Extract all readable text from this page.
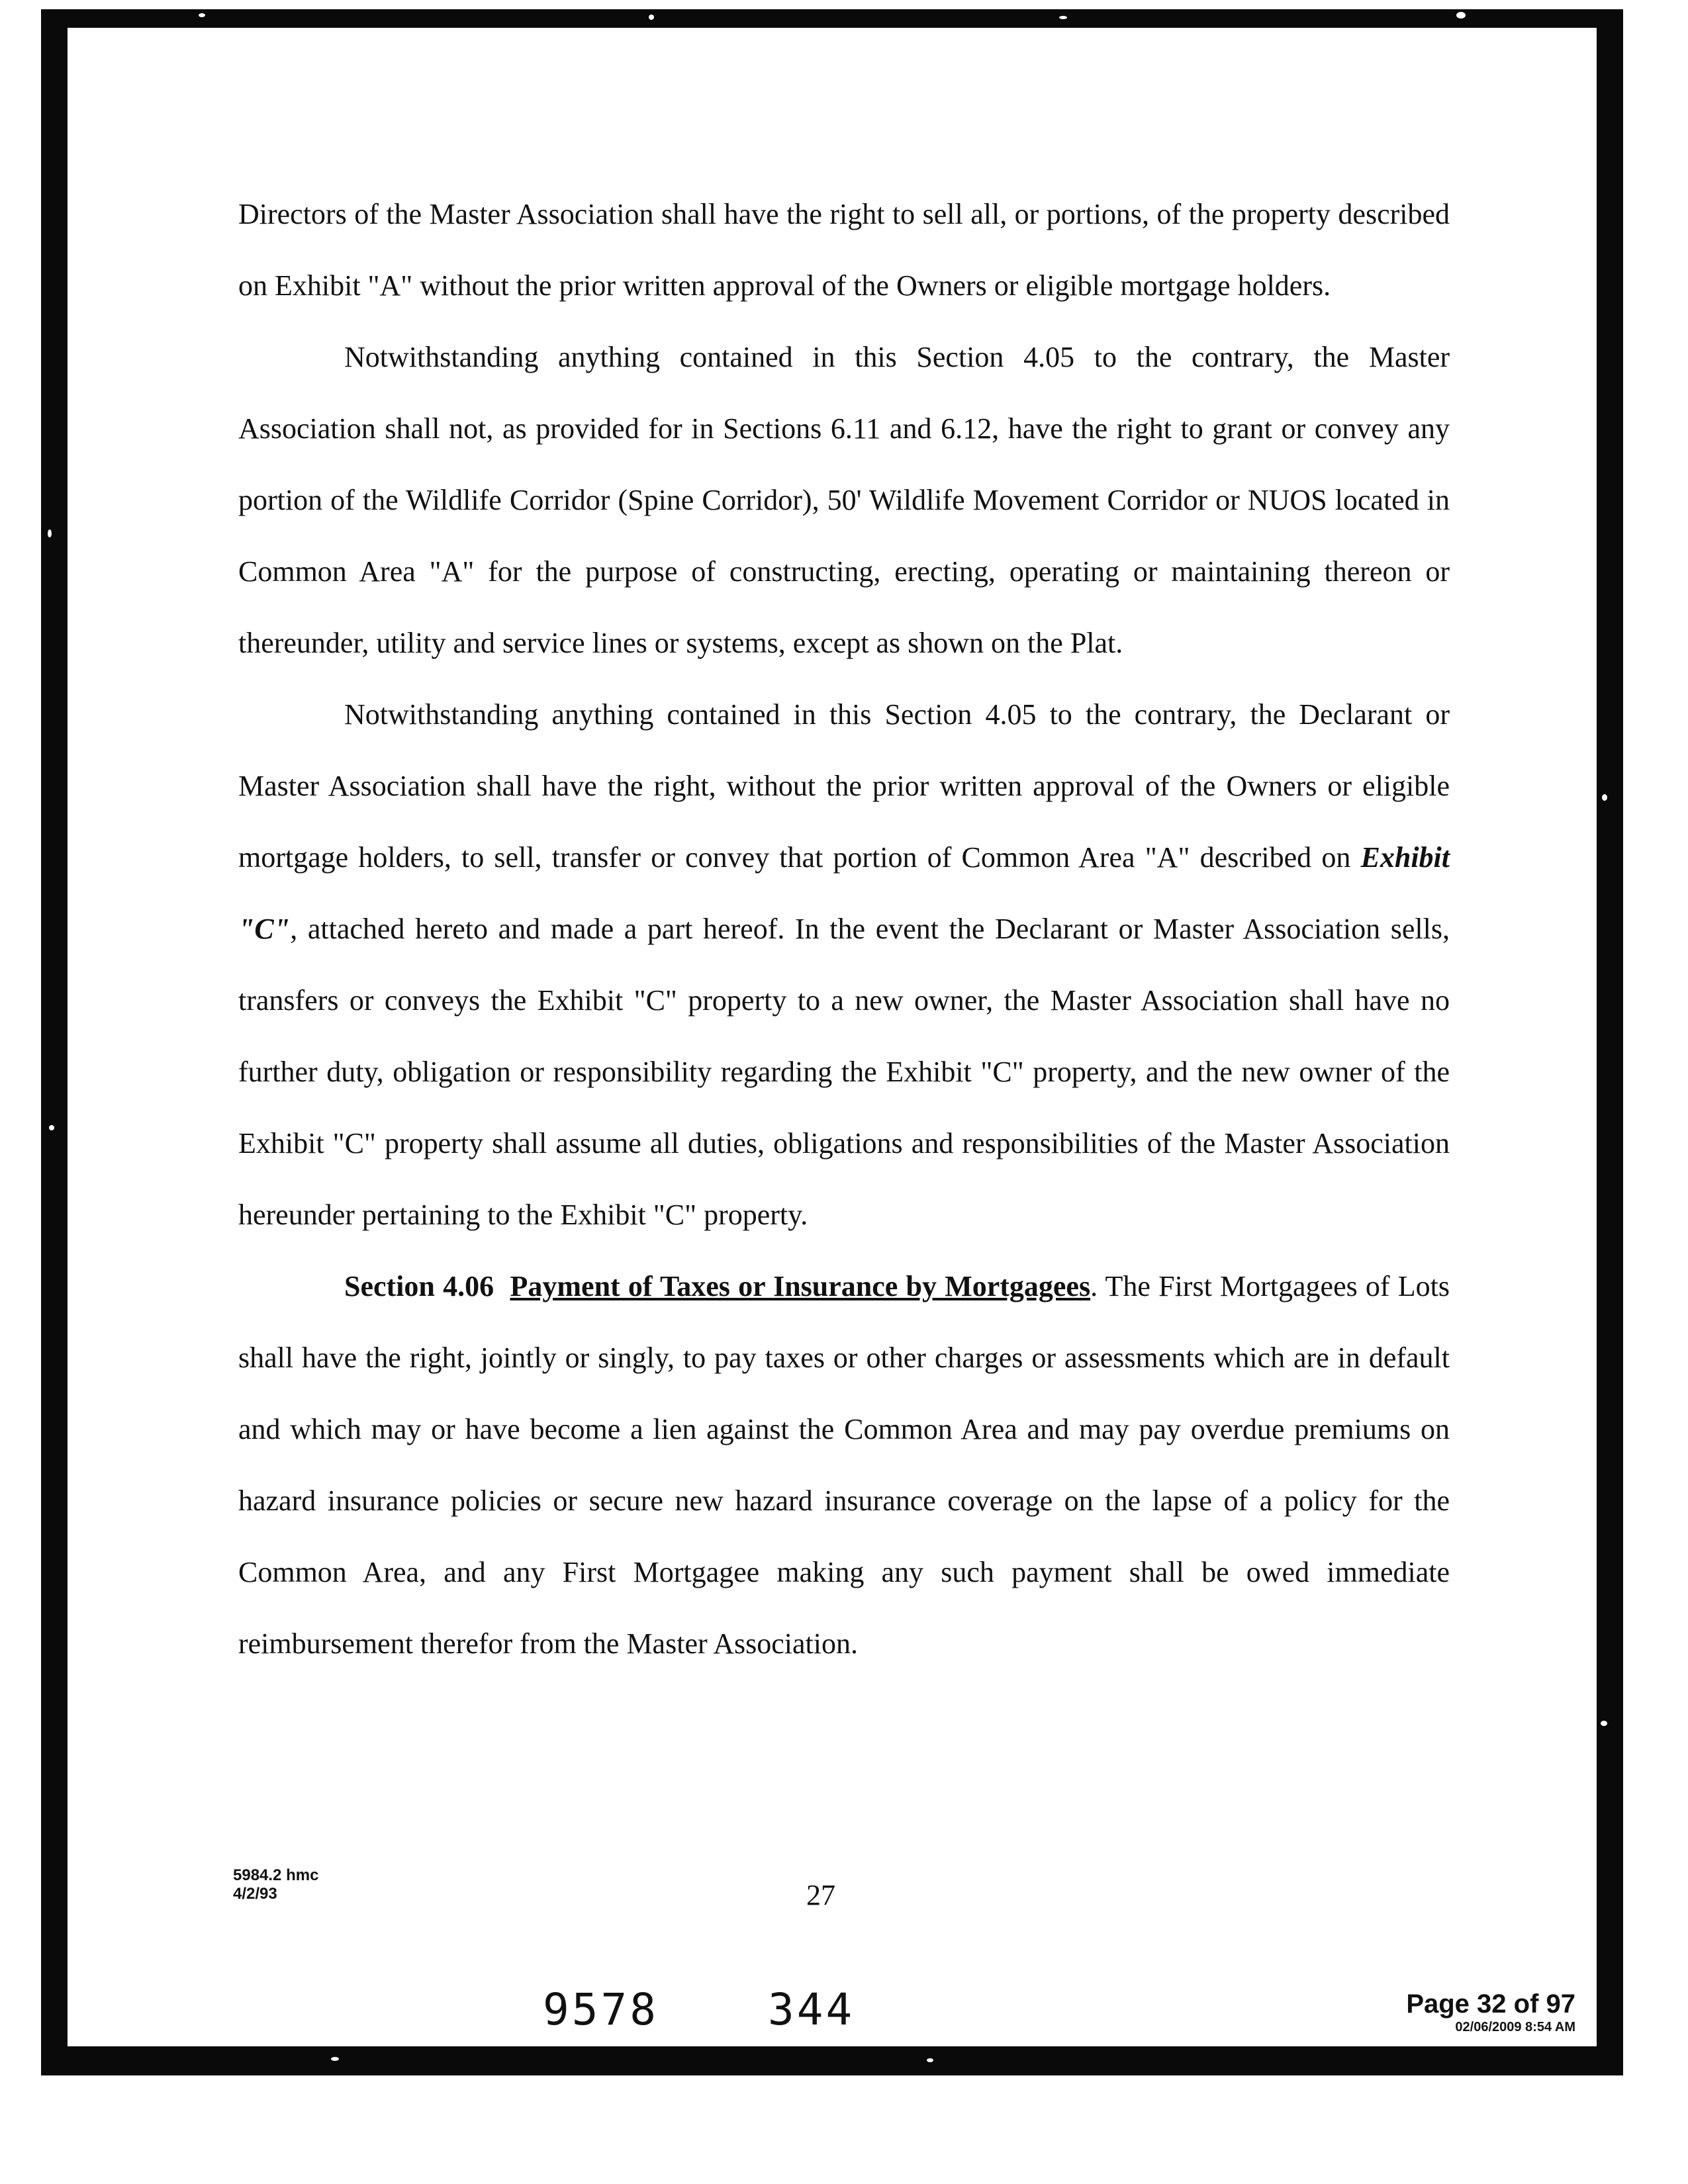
Directors of the Master Association shall have the right to sell all, or portions, of the property described on Exhibit "A" without the prior written approval of the Owners or eligible mortgage holders.

Notwithstanding anything contained in this Section 4.05 to the contrary, the Master Association shall not, as provided for in Sections 6.11 and 6.12, have the right to grant or convey any portion of the Wildlife Corridor (Spine Corridor), 50' Wildlife Movement Corridor or NUOS located in Common Area "A" for the purpose of constructing, erecting, operating or maintaining thereon or thereunder, utility and service lines or systems, except as shown on the Plat.

Notwithstanding anything contained in this Section 4.05 to the contrary, the Declarant or Master Association shall have the right, without the prior written approval of the Owners or eligible mortgage holders, to sell, transfer or convey that portion of Common Area "A" described on Exhibit "C", attached hereto and made a part hereof. In the event the Declarant or Master Association sells, transfers or conveys the Exhibit "C" property to a new owner, the Master Association shall have no further duty, obligation or responsibility regarding the Exhibit "C" property, and the new owner of the Exhibit "C" property shall assume all duties, obligations and responsibilities of the Master Association hereunder pertaining to the Exhibit "C" property.

Section 4.06 Payment of Taxes or Insurance by Mortgagees. The First Mortgagees of Lots shall have the right, jointly or singly, to pay taxes or other charges or assessments which are in default and which may or have become a lien against the Common Area and may pay overdue premiums on hazard insurance policies or secure new hazard insurance coverage on the lapse of a policy for the Common Area, and any First Mortgagee making any such payment shall be owed immediate reimbursement therefor from the Master Association.

5984.2 hmc
4/2/93	27
9578	344	Page 32 of 97
02/06/2009 8:54 AM
